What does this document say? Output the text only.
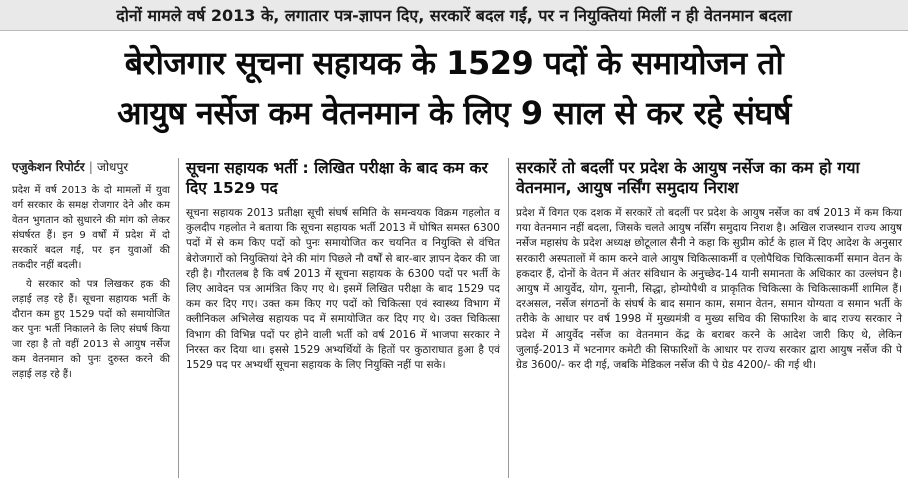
दोनों मामले वर्ष 2013 के, लगातार पत्र-ज्ञापन दिए, सरकारें बदल गईं, पर न नियुक्तियां मिलीं न ही वेतनमान बदला
बेरोजगार सूचना सहायक के 1529 पदों के समायोजन तो
आयुष नर्सेज कम वेतनमान के लिए 9 साल से कर रहे संघर्ष
एजुकेशन रिपोर्टर | जोधपुर

प्रदेश में वर्ष 2013 के दो मामलों में युवा वर्ग सरकार के समक्ष रोजगार देने और कम वेतन भुगतान को सुधारने की मांग को लेकर संघर्षरत हैं। इन 9 वर्षों में प्रदेश में दो सरकारें बदल गई, पर इन युवाओं की तकदीर नहीं बदली।

ये सरकार को पत्र लिखकर हक की लड़ाई लड़ रहे हैं। सूचना सहायक भर्ती के दौरान कम हुए 1529 पदों को समायोजित कर पुनः भर्ती निकालने के लिए संघर्ष किया जा रहा है तो वहीं 2013 से आयुष नर्सेज कम वेतनमान को पुनः दुरुस्त करने की लड़ाई लड़ रहे हैं।

सूचना सहायक भर्ती : लिखित परीक्षा के बाद कम कर दिए 1529 पद

सूचना सहायक 2013 प्रतीक्षा सूची संघर्ष समिति के समन्वयक विक्रम गहलोत व कुलदीप गहलोत ने बताया कि सूचना सहायक भर्ती 2013 में घोषित समस्त 6300 पदों में से कम किए पदों को पुनः समायोजित कर चयनित व नियुक्ति से वंचित बेरोजगारों को नियुक्तियां देने की मांग पिछले नौ वर्षों से बार-बार ज्ञापन देकर की जा रही है। गौरतलब है कि वर्ष 2013 में सूचना सहायक के 6300 पदों पर भर्ती के लिए आवेदन पत्र आमंत्रित किए गए थे। इसमें लिखित परीक्षा के बाद 1529 पद कम कर दिए गए। उक्त कम किए गए पदों को चिकित्सा एवं स्वास्थ्य विभाग में क्लीनिकल अभिलेख सहायक पद में समायोजित कर दिए गए थे। उक्त चिकित्सा विभाग की विभिन्न पदों पर होने वाली भर्ती को वर्ष 2016 में भाजपा सरकार ने निरस्त कर दिया था। इससे 1529 अभ्यर्थियों के हितों पर कुठाराघात हुआ है एवं 1529 पद पर अभ्यर्थी सूचना सहायक के लिए नियुक्ति नहीं पा सके।

सरकारें तो बदलीं पर प्रदेश के आयुष नर्सेज का कम हो गया वेतनमान, आयुष नर्सिंग समुदाय निराश

प्रदेश में विगत एक दशक में सरकारें तो बदलीं पर प्रदेश के आयुष नर्सेज का वर्ष 2013 में कम किया गया वेतनमान नहीं बदला, जिसके चलते आयुष नर्सिंग समुदाय निराश है। अखिल राजस्थान राज्य आयुष नर्सेज महासंघ के प्रदेश अध्यक्ष छोटूलाल सैनी ने कहा कि सुप्रीम कोर्ट के हाल में दिए आदेश के अनुसार सरकारी अस्पतालों में काम करने वाले आयुष चिकित्साकर्मी व एलोपैथिक चिकित्साकर्मी समान वेतन के हकदार हैं, दोनों के वेतन में अंतर संविधान के अनुच्छेद-14 यानी समानता के अधिकार का उल्लंघन है। आयुष में आयुर्वेद, योग, यूनानी, सिद्धा, होम्योपैथी व प्राकृतिक चिकित्सा के चिकित्साकर्मी शामिल हैं। दरअसल, नर्सेज संगठनों के संघर्ष के बाद समान काम, समान वेतन, समान योग्यता व समान भर्ती के तरीके के आधार पर वर्ष 1998 में मुख्यमंत्री व मुख्य सचिव की सिफारिश के बाद राज्य सरकार ने प्रदेश में आयुर्वेद नर्सेज का वेतनमान केंद्र के बराबर करने के आदेश जारी किए थे, लेकिन जुलाई-2013 में भटनागर कमेटी की सिफारिशों के आधार पर राज्य सरकार द्वारा आयुष नर्सेज की पे ग्रेड 3600/- कर दी गई, जबकि मेडिकल नर्सेज की पे ग्रेड 4200/- की गई थी।
